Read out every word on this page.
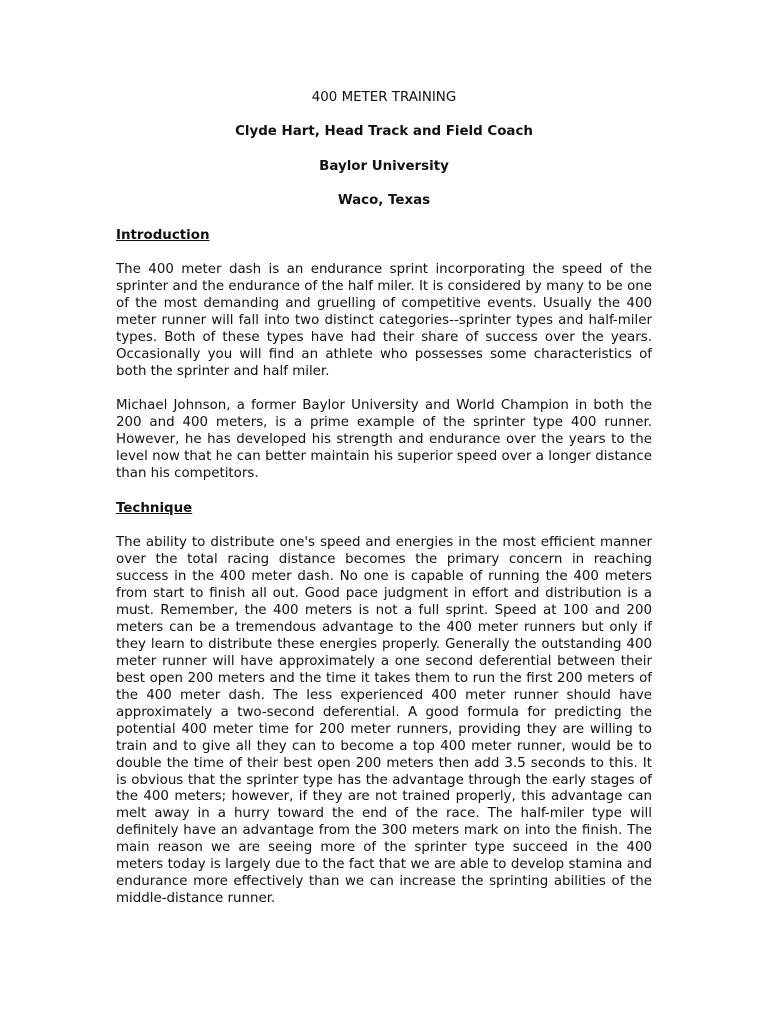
400 METER TRAINING

Clyde Hart, Head Track and Field Coach

Baylor University

Waco, Texas

Introduction

The 400 meter dash is an endurance sprint incorporating the speed of the sprinter and the endurance of the half miler. It is considered by many to be one of the most demanding and gruelling of competitive events. Usually the 400 meter runner will fall into two distinct categories--sprinter types and half-miler types. Both of these types have had their share of success over the years. Occasionally you will find an athlete who possesses some characteristics of both the sprinter and half miler.

Michael Johnson, a former Baylor University and World Champion in both the 200 and 400 meters, is a prime example of the sprinter type 400 runner. However, he has developed his strength and endurance over the years to the level now that he can better maintain his superior speed over a longer distance than his competitors.

Technique

The ability to distribute one's speed and energies in the most efficient manner over the total racing distance becomes the primary concern in reaching success in the 400 meter dash. No one is capable of running the 400 meters from start to finish all out. Good pace judgment in effort and distribution is a must. Remember, the 400 meters is not a full sprint. Speed at 100 and 200 meters can be a tremendous advantage to the 400 meter runners but only if they learn to distribute these energies properly. Generally the outstanding 400 meter runner will have approximately a one second deferential between their best open 200 meters and the time it takes them to run the first 200 meters of the 400 meter dash. The less experienced 400 meter runner should have approximately a two-second deferential. A good formula for predicting the potential 400 meter time for 200 meter runners, providing they are willing to train and to give all they can to become a top 400 meter runner, would be to double the time of their best open 200 meters then add 3.5 seconds to this. It is obvious that the sprinter type has the advantage through the early stages of the 400 meters; however, if they are not trained properly, this advantage can melt away in a hurry toward the end of the race. The half-miler type will definitely have an advantage from the 300 meters mark on into the finish. The main reason we are seeing more of the sprinter type succeed in the 400 meters today is largely due to the fact that we are able to develop stamina and endurance more effectively than we can increase the sprinting abilities of the middle-distance runner.
